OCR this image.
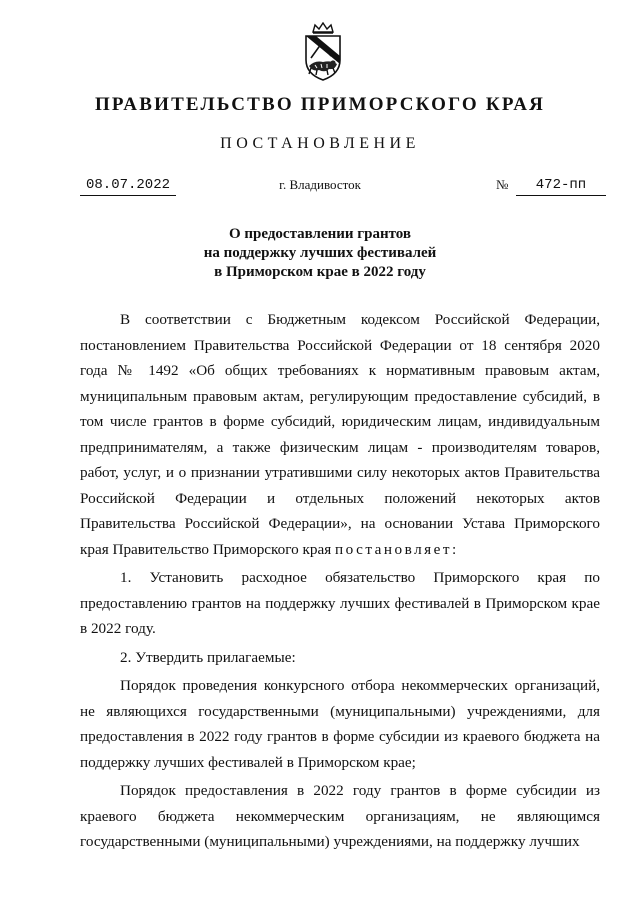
ПРАВИТЕЛЬСТВО ПРИМОРСКОГО КРАЯ
ПОСТАНОВЛЕНИЕ
08.07.2022	г. Владивосток	№	472-пп
О предоставлении грантов
на поддержку лучших фестивалей
в Приморском крае в 2022 году

В соответствии с Бюджетным кодексом Российской Федерации, постановлением Правительства Российской Федерации от 18 сентября 2020 года № 1492 «Об общих требованиях к нормативным правовым актам, муниципальным правовым актам, регулирующим предоставление субсидий, в том числе грантов в форме субсидий, юридическим лицам, индивидуальным предпринимателям, а также физическим лицам - производителям товаров, работ, услуг, и о признании утратившими силу некоторых актов Правительства Российской Федерации и отдельных положений некоторых актов Правительства Российской Федерации», на основании Устава Приморского края Правительство Приморского края постановляет:

1. Установить расходное обязательство Приморского края по предоставлению грантов на поддержку лучших фестивалей в Приморском крае в 2022 году.

2. Утвердить прилагаемые:

Порядок проведения конкурсного отбора некоммерческих организаций, не являющихся государственными (муниципальными) учреждениями, для предоставления в 2022 году грантов в форме субсидии из краевого бюджета на поддержку лучших фестивалей в Приморском крае;

Порядок предоставления в 2022 году грантов в форме субсидии из краевого бюджета некоммерческим организациям, не являющимся государственными (муниципальными) учреждениями, на поддержку лучших
